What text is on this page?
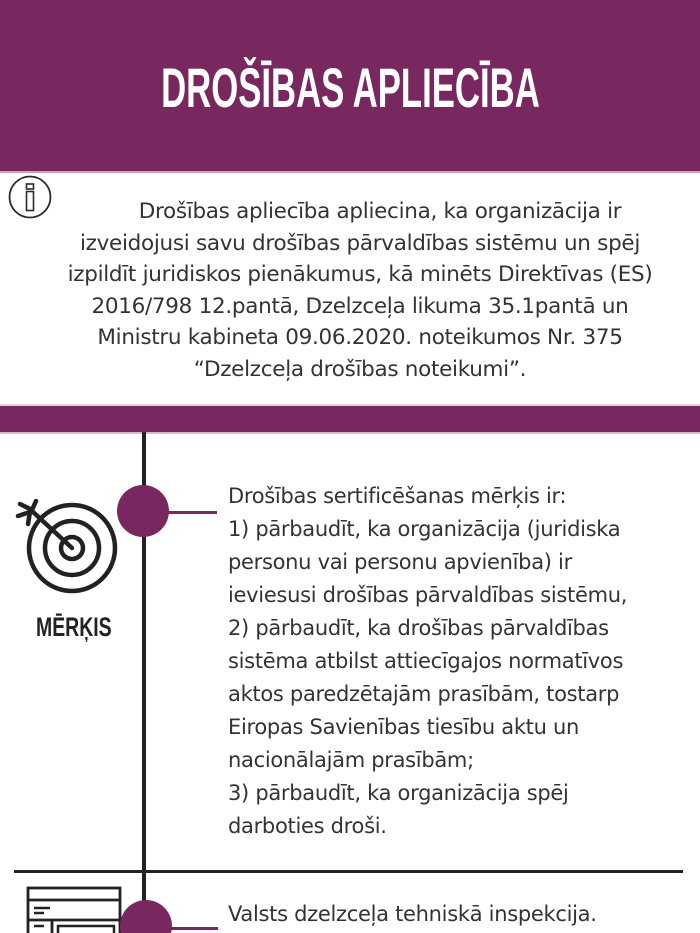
DROŠĪBAS APLIECĪBA
Drošības apliecība apliecina, ka organizācija ir
izveidojusi savu drošības pārvaldības sistēmu un spēj
izpildīt juridiskos pienākumus, kā minēts Direktīvas (ES)
2016/798 12.pantā, Dzelzceļa likuma 35.1pantā un
Ministru kabineta 09.06.2020. noteikumos Nr. 375
“Dzelzceļa drošības noteikumi”.
MĒRĶIS
Drošības sertificēšanas mērķis ir:
1) pārbaudīt, ka organizācija (juridiska
personu vai personu apvienība) ir
ieviesusi drošības pārvaldības sistēmu,
2) pārbaudīt, ka drošības pārvaldības
sistēma atbilst attiecīgajos normatīvos
aktos paredzētajām prasībām, tostarp
Eiropas Savienības tiesību aktu un
nacionālajām prasībām;
3) pārbaudīt, ka organizācija spēj
darboties droši.
Valsts dzelzceļa tehniskā inspekcija.
